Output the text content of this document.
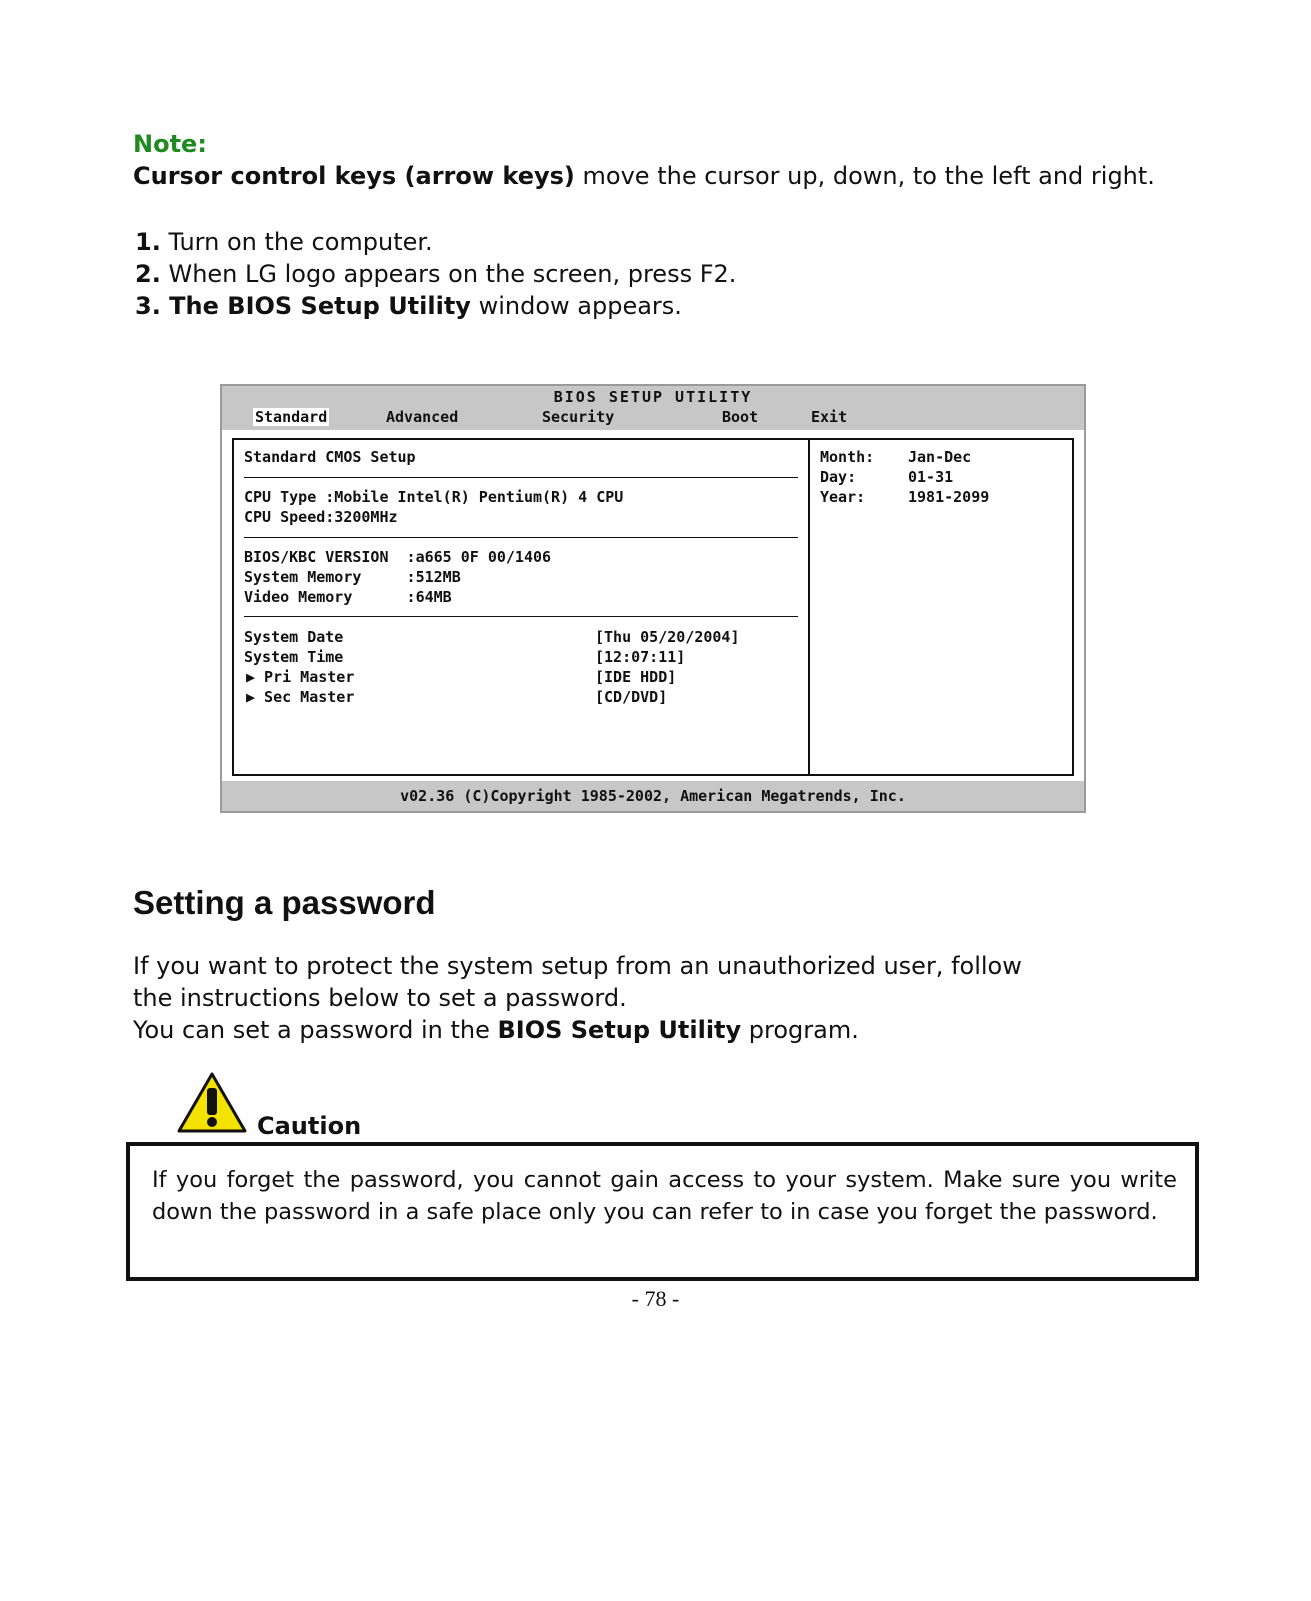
Note:
Cursor control keys (arrow keys) move the cursor up, down, to the left and right.
1. Turn on the computer.
2. When LG logo appears on the screen, press F2.
3. The BIOS Setup Utility window appears.
BIOS SETUP UTILITY
Standard	Advanced	Security	Boot	Exit
Standard CMOS Setup
CPU Type :Mobile Intel(R) Pentium(R) 4 CPU
CPU Speed:3200MHz
BIOS/KBC VERSION  :a665 0F 00/1406
System Memory     :512MB
Video Memory      :64MB
System Date	[Thu 05/20/2004]
System Time	[12:07:11]
▶ Pri Master	[IDE HDD]
▶ Sec Master	[CD/DVD]
Month: Jan-Dec
Day:	01-31
Year:	1981-2099
v02.36 (C)Copyright 1985-2002, American Megatrends, Inc.
Setting a password
If you want to protect the system setup from an unauthorized user, follow
the instructions below to set a password.
You can set a password in the BIOS Setup Utility program.
Caution
If you forget the password, you cannot gain access to your system. Make sure you write down the password in a safe place only you can refer to in case you forget the password.
- 78 -
